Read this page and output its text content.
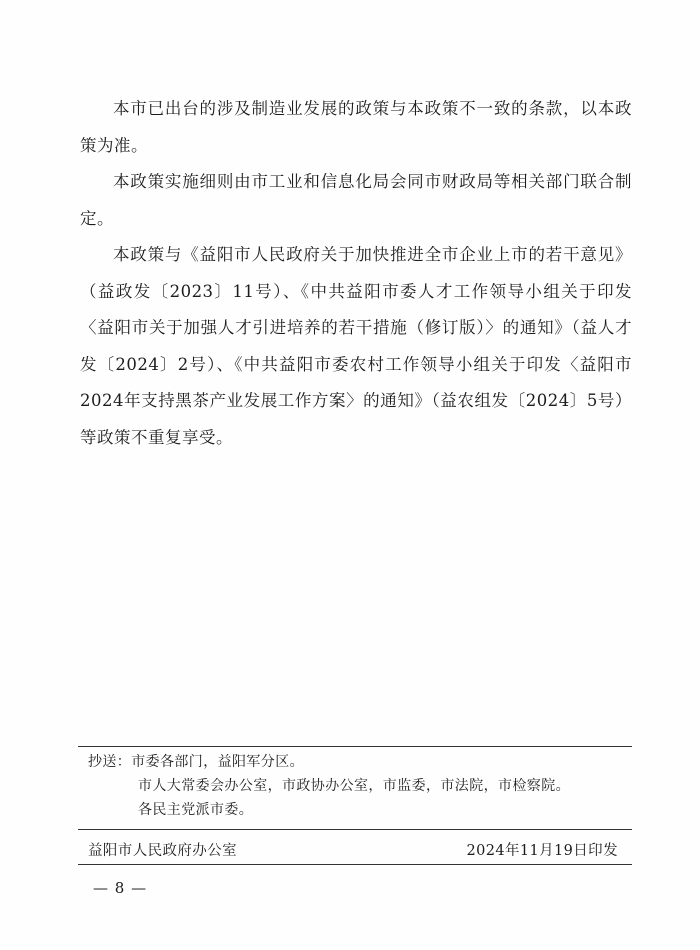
本市已出台的涉及制造业发展的政策与本政策不一致的条款，以本政策为准。

本政策实施细则由市工业和信息化局会同市财政局等相关部门联合制定。

本政策与《益阳市人民政府关于加快推进全市企业上市的若干意见》（益政发〔2023〕11号）、《中共益阳市委人才工作领导小组关于印发〈益阳市关于加强人才引进培养的若干措施（修订版）〉的通知》（益人才发〔2024〕2号）、《中共益阳市委农村工作领导小组关于印发〈益阳市2024年支持黑茶产业发展工作方案〉的通知》（益农组发〔2024〕5号）等政策不重复享受。

抄送：市委各部门，益阳军分区。
市人大常委会办公室，市政协办公室，市监委，市法院，市检察院。
各民主党派市委。
益阳市人民政府办公室	2024年11月19日印发
— 8 —
